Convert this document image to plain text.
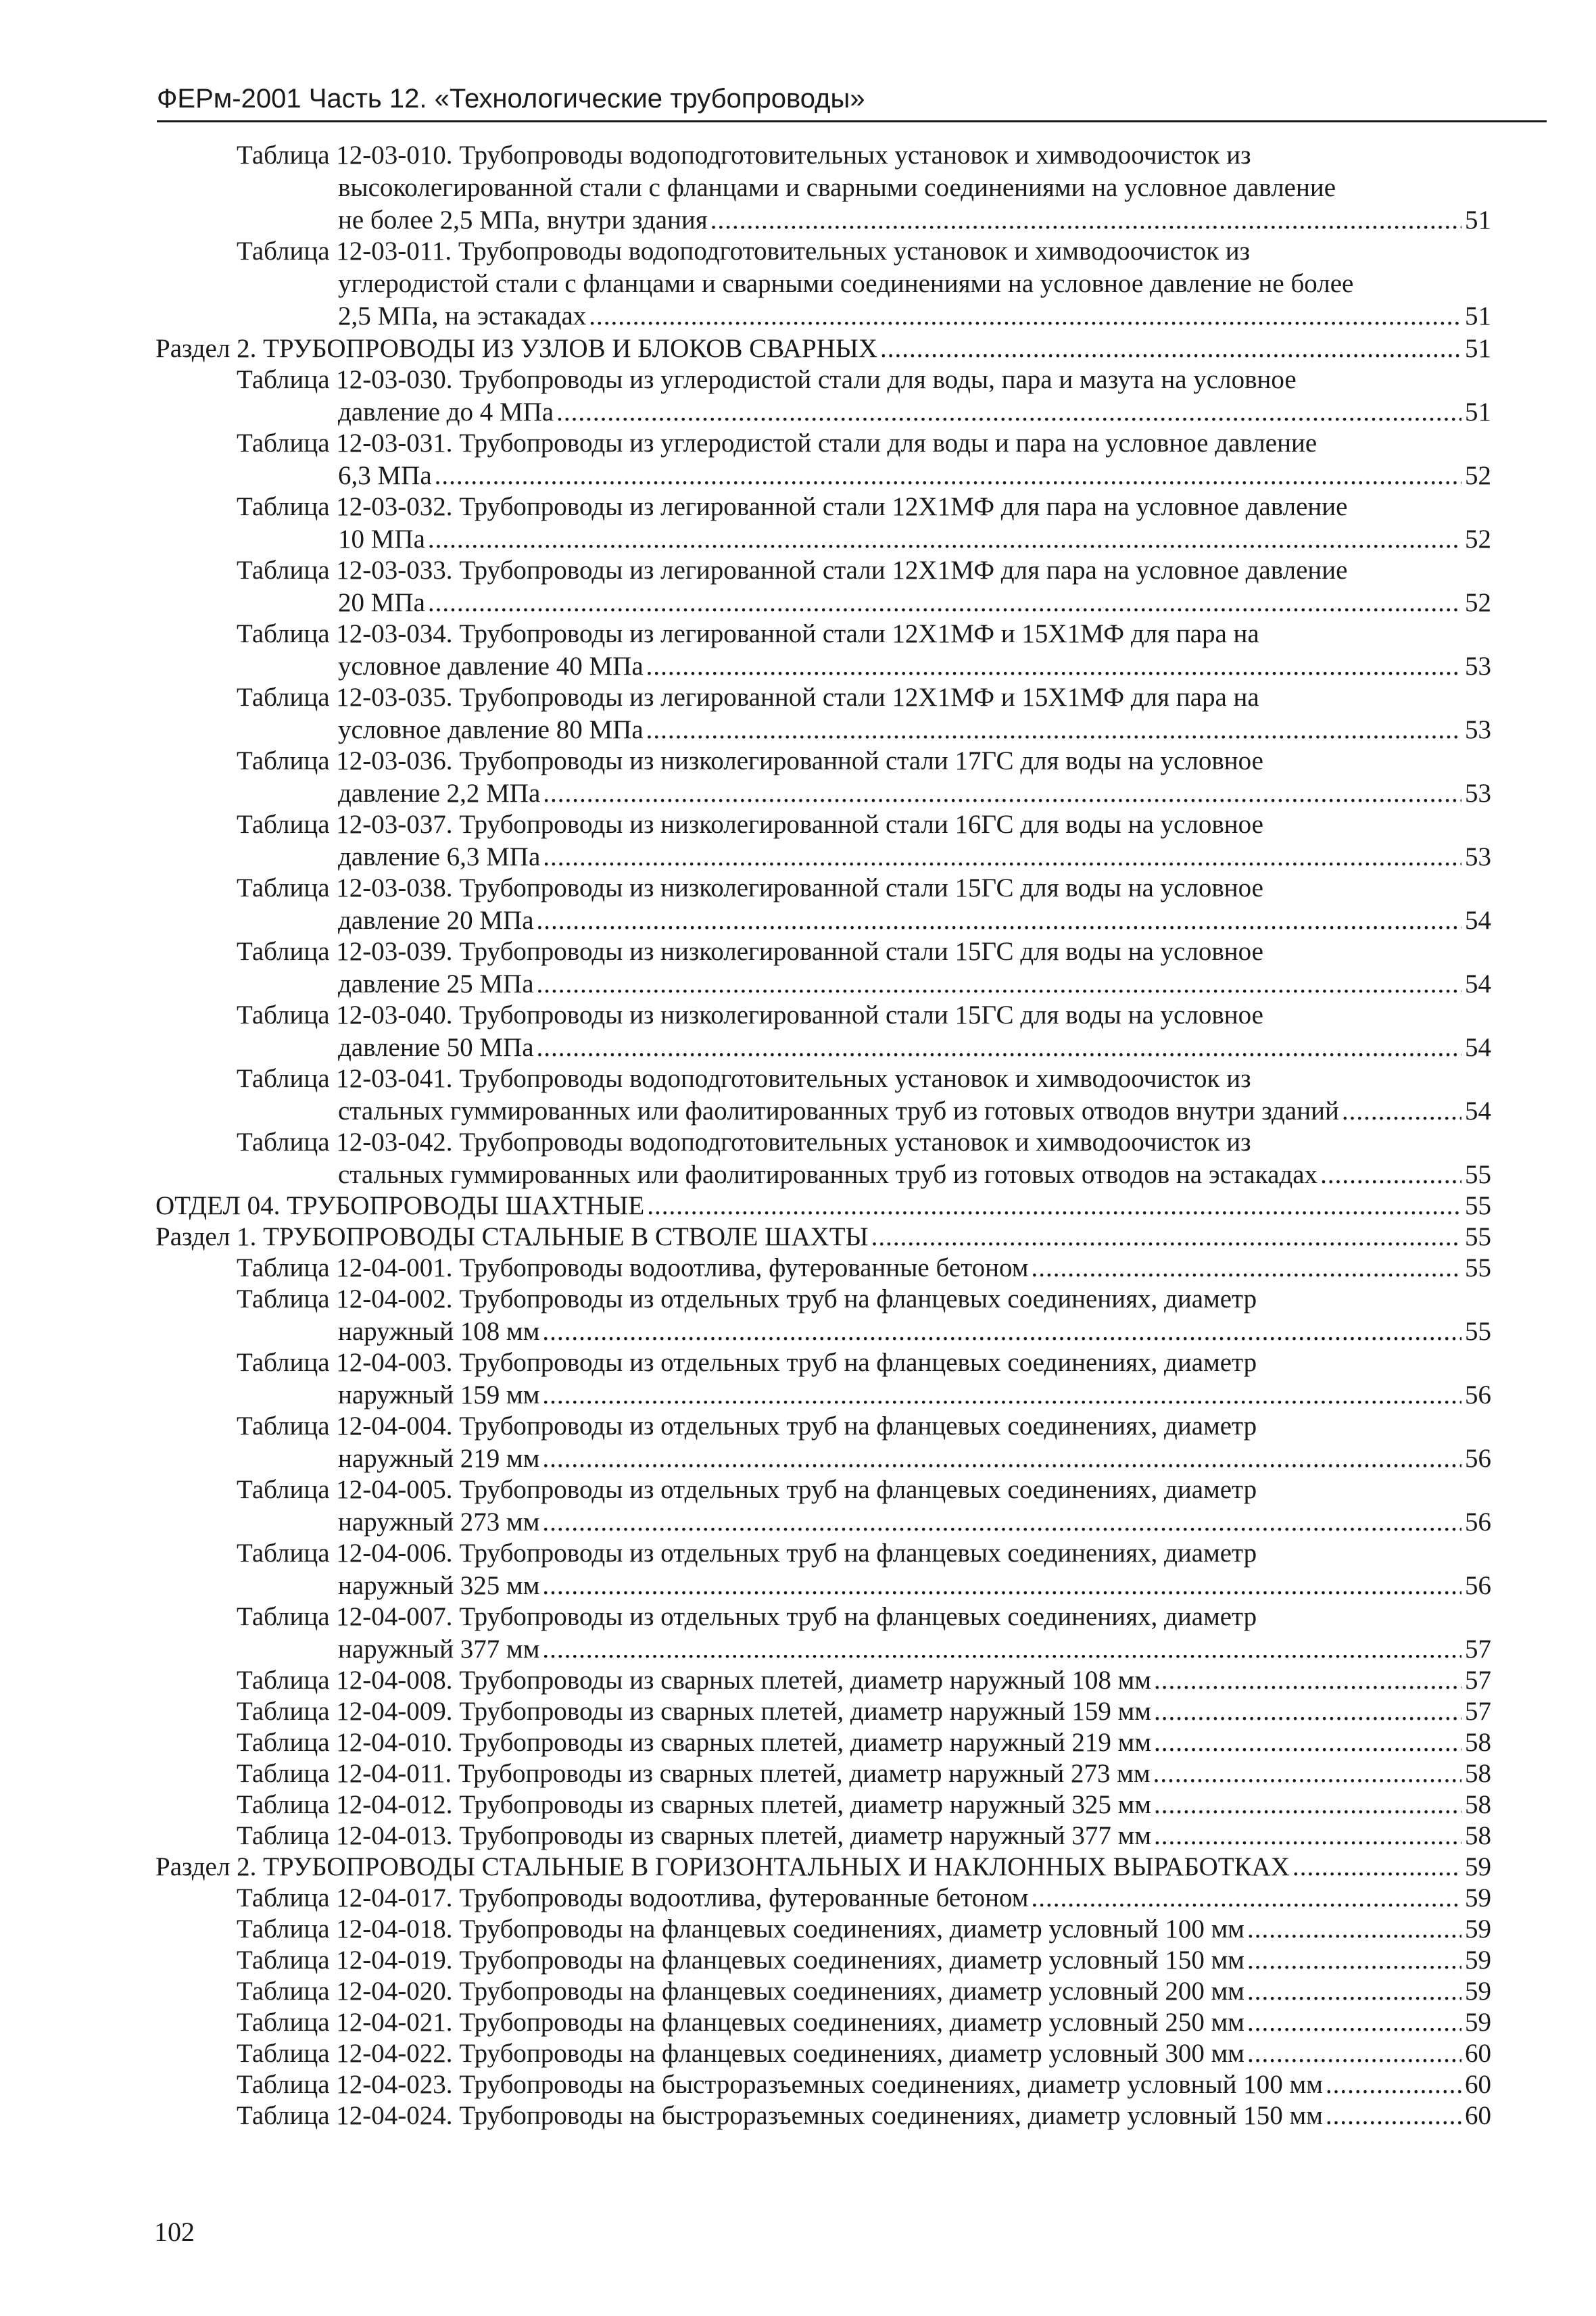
ФЕРм-2001 Часть 12. «Технологические трубопроводы»
Таблица 12-03-010. Трубопроводы водоподготовительных установок и химводоочисток из
высоколегированной стали с фланцами и сварными соединениями на условное давление
не более 2,5 МПа, внутри здания .....	51
Таблица 12-03-011. Трубопроводы водоподготовительных установок и химводоочисток из
углеродистой стали с фланцами и сварными соединениями на условное давление не более
2,5 МПа, на эстакадах .....	51
Раздел 2. ТРУБОПРОВОДЫ ИЗ УЗЛОВ И БЛОКОВ СВАРНЫХ .....	51
Таблица 12-03-030. Трубопроводы из углеродистой стали для воды, пара и мазута на условное
давление до 4 МПа .....	51
Таблица 12-03-031. Трубопроводы из углеродистой стали для воды и пара на условное давление
6,3 МПа .....	52
Таблица 12-03-032. Трубопроводы из легированной стали 12Х1МФ для пара на условное давление
10 МПа .....	52
Таблица 12-03-033. Трубопроводы из легированной стали 12Х1МФ для пара на условное давление
20 МПа .....	52
Таблица 12-03-034. Трубопроводы из легированной стали 12Х1МФ и 15Х1МФ для пара на
условное давление 40 МПа .....	53
Таблица 12-03-035. Трубопроводы из легированной стали 12Х1МФ и 15Х1МФ для пара на
условное давление 80 МПа .....	53
Таблица 12-03-036. Трубопроводы из низколегированной стали 17ГС для воды на условное
давление 2,2 МПа .....	53
Таблица 12-03-037. Трубопроводы из низколегированной стали 16ГС для воды на условное
давление 6,3 МПа .....	53
Таблица 12-03-038. Трубопроводы из низколегированной стали 15ГС для воды на условное
давление 20 МПа .....	54
Таблица 12-03-039. Трубопроводы из низколегированной стали 15ГС для воды на условное
давление 25 МПа .....	54
Таблица 12-03-040. Трубопроводы из низколегированной стали 15ГС для воды на условное
давление 50 МПа .....	54
Таблица 12-03-041. Трубопроводы водоподготовительных установок и химводоочисток из
стальных гуммированных или фаолитированных труб из готовых отводов внутри зданий .....	54
Таблица 12-03-042. Трубопроводы водоподготовительных установок и химводоочисток из
стальных гуммированных или фаолитированных труб из готовых отводов на эстакадах .....	55
ОТДЕЛ 04. ТРУБОПРОВОДЫ ШАХТНЫЕ .....	55
Раздел 1. ТРУБОПРОВОДЫ СТАЛЬНЫЕ В СТВОЛЕ ШАХТЫ .....	55
Таблица 12-04-001. Трубопроводы водоотлива, футерованные бетоном .....	55
Таблица 12-04-002. Трубопроводы из отдельных труб на фланцевых соединениях, диаметр
наружный 108 мм .....	55
Таблица 12-04-003. Трубопроводы из отдельных труб на фланцевых соединениях, диаметр
наружный 159 мм .....	56
Таблица 12-04-004. Трубопроводы из отдельных труб на фланцевых соединениях, диаметр
наружный 219 мм .....	56
Таблица 12-04-005. Трубопроводы из отдельных труб на фланцевых соединениях, диаметр
наружный 273 мм .....	56
Таблица 12-04-006. Трубопроводы из отдельных труб на фланцевых соединениях, диаметр
наружный 325 мм .....	56
Таблица 12-04-007. Трубопроводы из отдельных труб на фланцевых соединениях, диаметр
наружный 377 мм .....	57
Таблица 12-04-008. Трубопроводы из сварных плетей, диаметр наружный 108 мм .....	57
Таблица 12-04-009. Трубопроводы из сварных плетей, диаметр наружный 159 мм .....	57
Таблица 12-04-010. Трубопроводы из сварных плетей, диаметр наружный 219 мм .....	58
Таблица 12-04-011. Трубопроводы из сварных плетей, диаметр наружный 273 мм .....	58
Таблица 12-04-012. Трубопроводы из сварных плетей, диаметр наружный 325 мм .....	58
Таблица 12-04-013. Трубопроводы из сварных плетей, диаметр наружный 377 мм .....	58
Раздел 2. ТРУБОПРОВОДЫ СТАЛЬНЫЕ В ГОРИЗОНТАЛЬНЫХ И НАКЛОННЫХ ВЫРАБОТКАХ .....	59
Таблица 12-04-017. Трубопроводы водоотлива, футерованные бетоном .....	59
Таблица 12-04-018. Трубопроводы на фланцевых соединениях, диаметр условный 100 мм .....	59
Таблица 12-04-019. Трубопроводы на фланцевых соединениях, диаметр условный 150 мм .....	59
Таблица 12-04-020. Трубопроводы на фланцевых соединениях, диаметр условный 200 мм .....	59
Таблица 12-04-021. Трубопроводы на фланцевых соединениях, диаметр условный 250 мм .....	59
Таблица 12-04-022. Трубопроводы на фланцевых соединениях, диаметр условный 300 мм .....	60
Таблица 12-04-023. Трубопроводы на быстроразъемных соединениях, диаметр условный 100 мм .....	60
Таблица 12-04-024. Трубопроводы на быстроразъемных соединениях, диаметр условный 150 мм .....	60
102
